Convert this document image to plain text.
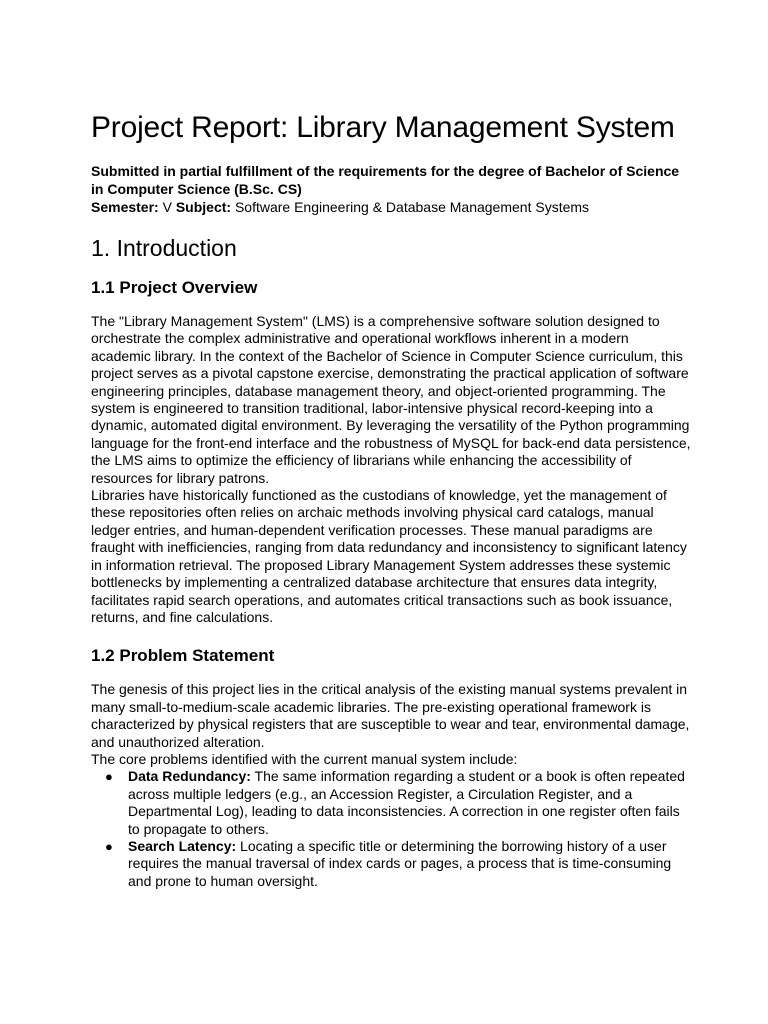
Project Report: Library Management System
Submitted in partial fulfillment of the requirements for the degree of Bachelor of Science in Computer Science (B.Sc. CS)
Semester: V Subject: Software Engineering & Database Management Systems
1. Introduction
1.1 Project Overview
The "Library Management System" (LMS) is a comprehensive software solution designed to orchestrate the complex administrative and operational workflows inherent in a modern academic library. In the context of the Bachelor of Science in Computer Science curriculum, this project serves as a pivotal capstone exercise, demonstrating the practical application of software engineering principles, database management theory, and object-oriented programming. The system is engineered to transition traditional, labor-intensive physical record-keeping into a dynamic, automated digital environment. By leveraging the versatility of the Python programming language for the front-end interface and the robustness of MySQL for back-end data persistence, the LMS aims to optimize the efficiency of librarians while enhancing the accessibility of resources for library patrons.
Libraries have historically functioned as the custodians of knowledge, yet the management of these repositories often relies on archaic methods involving physical card catalogs, manual ledger entries, and human-dependent verification processes. These manual paradigms are fraught with inefficiencies, ranging from data redundancy and inconsistency to significant latency in information retrieval. The proposed Library Management System addresses these systemic bottlenecks by implementing a centralized database architecture that ensures data integrity, facilitates rapid search operations, and automates critical transactions such as book issuance, returns, and fine calculations.
1.2 Problem Statement
The genesis of this project lies in the critical analysis of the existing manual systems prevalent in many small-to-medium-scale academic libraries. The pre-existing operational framework is characterized by physical registers that are susceptible to wear and tear, environmental damage, and unauthorized alteration.
The core problems identified with the current manual system include:
● Data Redundancy: The same information regarding a student or a book is often repeated across multiple ledgers (e.g., an Accession Register, a Circulation Register, and a Departmental Log), leading to data inconsistencies. A correction in one register often fails to propagate to others.
● Search Latency: Locating a specific title or determining the borrowing history of a user requires the manual traversal of index cards or pages, a process that is time-consuming and prone to human oversight.
